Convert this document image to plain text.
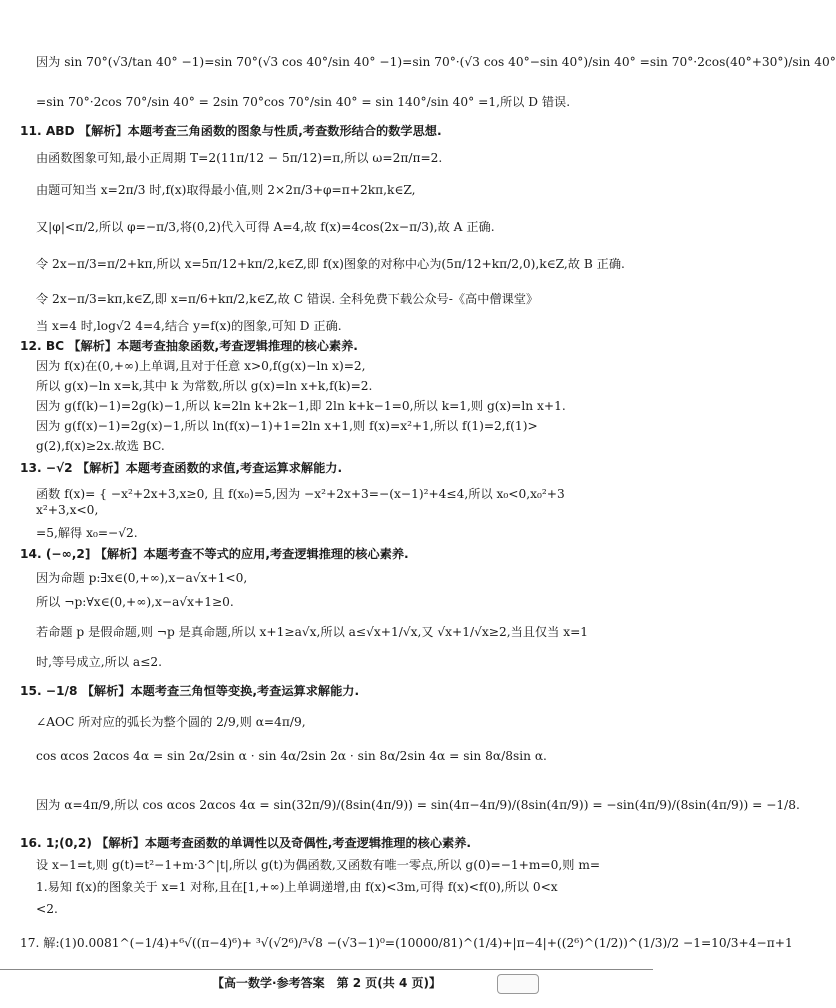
因为 sin 70°(√3/tan 40° −1)=sin 70°(√3 cos 40°/sin 40° −1)=sin 70°·(√3 cos 40°−sin 40°)/sin 40° =sin 70°·2cos(40°+30°)/sin 40°
=sin 70°·2cos 70°/sin 40° = 2sin 70°cos 70°/sin 40° = sin 140°/sin 40° =1,所以 D 错误.
11. ABD 【解析】本题考查三角函数的图象与性质,考查数形结合的数学思想.
由函数图象可知,最小正周期 T=2(11π/12 − 5π/12)=π,所以 ω=2π/π=2.
由题可知当 x=2π/3 时,f(x)取得最小值,则 2×2π/3+φ=π+2kπ,k∈Z,
又|φ|<π/2,所以 φ=−π/3,将(0,2)代入可得 A=4,故 f(x)=4cos(2x−π/3),故 A 正确.
令 2x−π/3=π/2+kπ,所以 x=5π/12+kπ/2,k∈Z,即 f(x)图象的对称中心为(5π/12+kπ/2,0),k∈Z,故 B 正确.
令 2x−π/3=kπ,k∈Z,即 x=π/6+kπ/2,k∈Z,故 C 错误. 全科免费下载公众号-《高中僧课堂》
当 x=4 时,log√2 4=4,结合 y=f(x)的图象,可知 D 正确.
12. BC 【解析】本题考查抽象函数,考查逻辑推理的核心素养.
因为 f(x)在(0,+∞)上单调,且对于任意 x>0,f(g(x)−ln x)=2,
所以 g(x)−ln x=k,其中 k 为常数,所以 g(x)=ln x+k,f(k)=2.
因为 g(f(k)−1)=2g(k)−1,所以 k=2ln k+2k−1,即 2ln k+k−1=0,所以 k=1,则 g(x)=ln x+1.
因为 g(f(x)−1)=2g(x)−1,所以 ln(f(x)−1)+1=2ln x+1,则 f(x)=x²+1,所以 f(1)=2,f(1)>
g(2),f(x)≥2x.故选 BC.
13. −√2 【解析】本题考查函数的求值,考查运算求解能力.
函数 f(x)= { −x²+2x+3,x≥0, 且 f(x₀)=5,因为 −x²+2x+3=−(x−1)²+4≤4,所以 x₀<0,x₀²+3
x²+3,x<0,
=5,解得 x₀=−√2.
14. (−∞,2] 【解析】本题考查不等式的应用,考查逻辑推理的核心素养.
因为命题 p:∃x∈(0,+∞),x−a√x+1<0,
所以 ¬p:∀x∈(0,+∞),x−a√x+1≥0.
若命题 p 是假命题,则 ¬p 是真命题,所以 x+1≥a√x,所以 a≤√x+1/√x,又 √x+1/√x≥2,当且仅当 x=1
时,等号成立,所以 a≤2.
15. −1/8 【解析】本题考查三角恒等变换,考查运算求解能力.
∠AOC 所对应的弧长为整个圆的 2/9,则 α=4π/9,
cos αcos 2αcos 4α = sin 2α/2sin α · sin 4α/2sin 2α · sin 8α/2sin 4α = sin 8α/8sin α.
因为 α=4π/9,所以 cos αcos 2αcos 4α = sin(32π/9)/(8sin(4π/9)) = sin(4π−4π/9)/(8sin(4π/9)) = −sin(4π/9)/(8sin(4π/9)) = −1/8.
16. 1;(0,2) 【解析】本题考查函数的单调性以及奇偶性,考查逻辑推理的核心素养.
设 x−1=t,则 g(t)=t²−1+m·3^|t|,所以 g(t)为偶函数,又函数有唯一零点,所以 g(0)=−1+m=0,则 m=
1.易知 f(x)的图象关于 x=1 对称,且在[1,+∞)上单调递增,由 f(x)<3m,可得 f(x)<f(0),所以 0<x
<2.
17. 解:(1)0.0081^(−1/4)+⁶√((π−4)⁶)+ ³√(√2⁶)/³√8 −(√3−1)⁰=(10000/81)^(1/4)+|π−4|+((2⁶)^(1/2))^(1/3)/2 −1=10/3+4−π+1
【高一数学·参考答案　第 2 页(共 4 页)】
